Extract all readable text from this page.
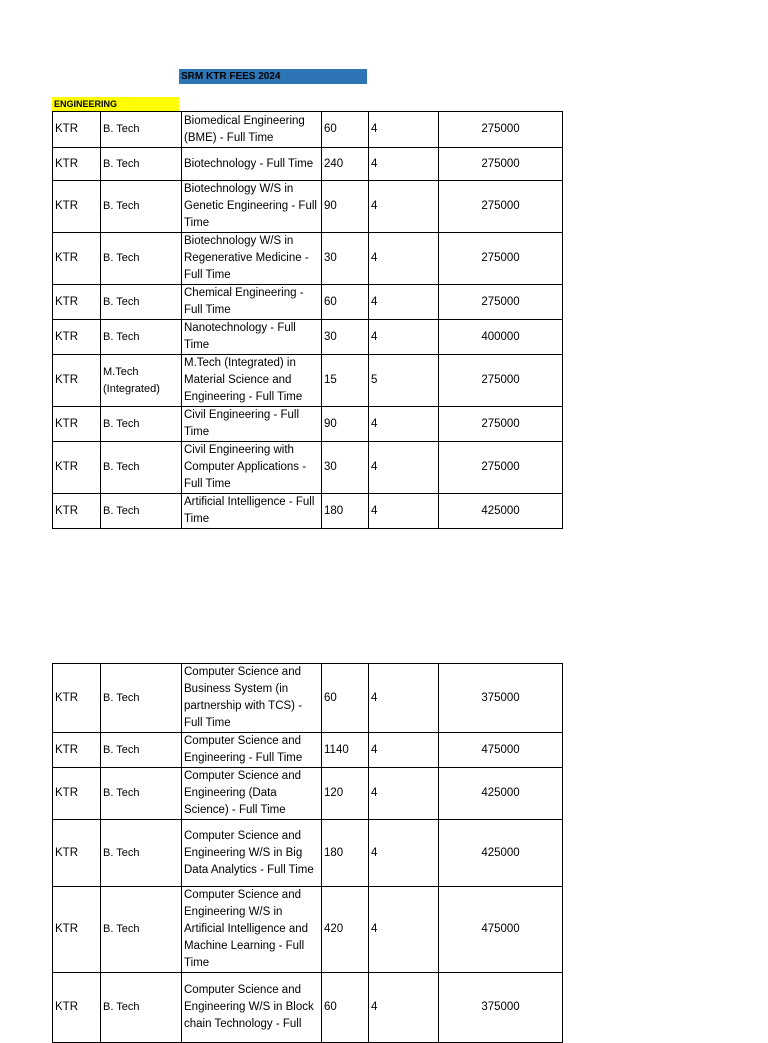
SRM KTR FEES 2024
ENGINEERING
KTR	B. Tech	Biomedical Engineering (BME) - Full Time	60	4	275000
KTR	B. Tech	Biotechnology - Full Time	240	4	275000
KTR	B. Tech	Biotechnology W/S in Genetic Engineering - Full Time	90	4	275000
KTR	B. Tech	Biotechnology W/S in Regenerative Medicine - Full Time	30	4	275000
KTR	B. Tech	Chemical Engineering - Full Time	60	4	275000
KTR	B. Tech	Nanotechnology - Full Time	30	4	400000
KTR	M.Tech (Integrated)	M.Tech (Integrated) in Material Science and Engineering - Full Time	15	5	275000
KTR	B. Tech	Civil Engineering - Full Time	90	4	275000
KTR	B. Tech	Civil Engineering with Computer Applications - Full Time	30	4	275000
KTR	B. Tech	Artificial Intelligence - Full Time	180	4	425000
KTR	B. Tech	Computer Science and Business System (in partnership with TCS) - Full Time	60	4	375000
KTR	B. Tech	Computer Science and Engineering - Full Time	1140	4	475000
KTR	B. Tech	Computer Science and Engineering (Data Science) - Full Time	120	4	425000
KTR	B. Tech	Computer Science and Engineering W/S in Big Data Analytics - Full Time	180	4	425000
KTR	B. Tech	Computer Science and Engineering W/S in Artificial Intelligence and Machine Learning - Full Time	420	4	475000
KTR	B. Tech	Computer Science and Engineering W/S in Block chain Technology - Full	60	4	375000
